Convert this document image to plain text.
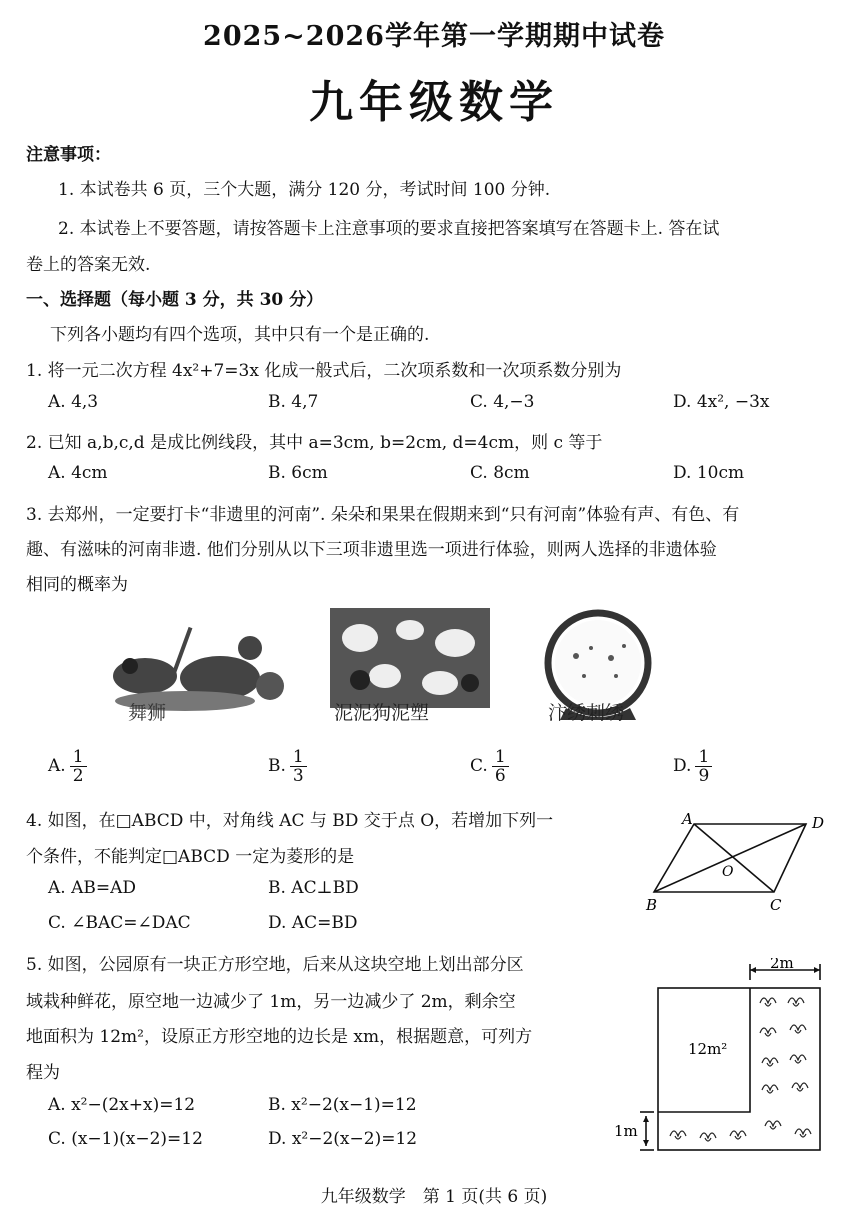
2025~2026学年第一学期期中试卷
九年级数学
注意事项：
1. 本试卷共 6 页，三个大题，满分 120 分，考试时间 100 分钟.
2. 本试卷上不要答题，请按答题卡上注意事项的要求直接把答案填写在答题卡上. 答在试
卷上的答案无效.
一、选择题（每小题 3 分，共 30 分）
下列各小题均有四个选项，其中只有一个是正确的.
1. 将一元二次方程 4x²+7=3x 化成一般式后，二次项系数和一次项系数分别为
A. 4,3	B. 4,7	C. 4,−3	D. 4x², −3x
2. 已知 a,b,c,d 是成比例线段，其中 a=3cm, b=2cm, d=4cm，则 c 等于
A. 4cm	B. 6cm	C. 8cm	D. 10cm
3. 去郑州，一定要打卡“非遗里的河南”. 朵朵和果果在假期来到“只有河南”体验有声、有色、有
趣、有滋味的河南非遗. 他们分别从以下三项非遗里选一项进行体验，则两人选择的非遗体验
相同的概率为
舞狮	泥泥狗泥塑	汴绣刺绣
A. $\frac{1}{2}$	B. $\frac{1}{3}$	C. $\frac{1}{6}$	D. $\frac{1}{9}$
4. 如图，在□ABCD 中，对角线 AC 与 BD 交于点 O，若增加下列一
个条件，不能判定□ABCD 一定为菱形的是
A. AB=AD	B. AC⊥BD
C. ∠BAC=∠DAC	D. AC=BD
A	D
B	C
O
5. 如图，公园原有一块正方形空地，后来从这块空地上划出部分区
域栽种鲜花，原空地一边减少了 1m，另一边减少了 2m，剩余空
地面积为 12m²，设原正方形空地的边长是 xm，根据题意，可列方
程为
A. x²−(2x+x)=12	B. x²−2(x−1)=12
C. (x−1)(x−2)=12	D. x²−2(x−2)=12
2m
12m²
1m
九年级数学　第 1 页(共 6 页)
